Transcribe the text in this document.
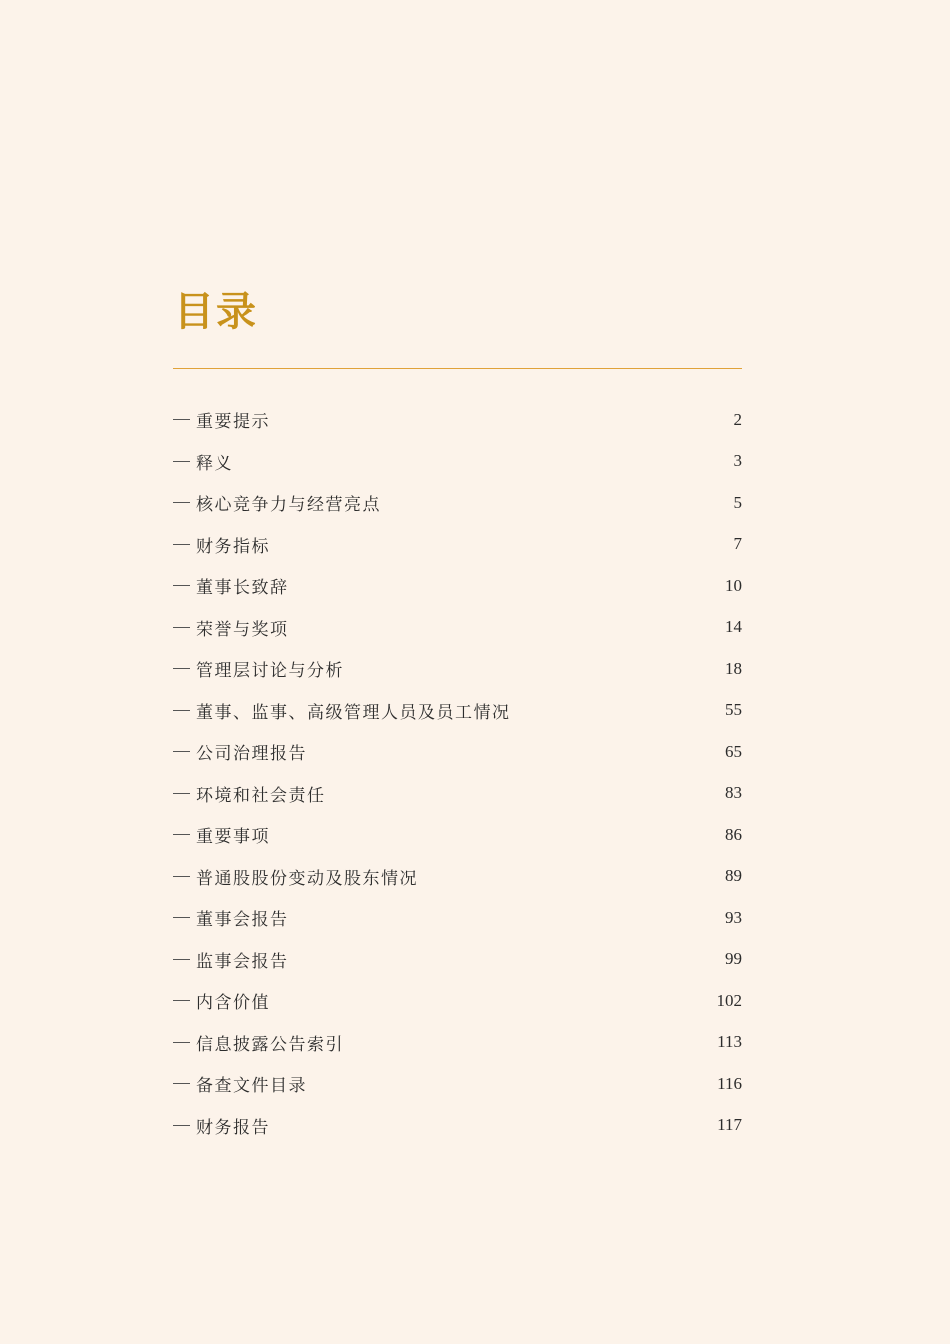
目录
重要提示	2
释义	3
核心竞争力与经营亮点	5
财务指标	7
董事长致辞	10
荣誉与奖项	14
管理层讨论与分析	18
董事、监事、高级管理人员及员工情况	55
公司治理报告	65
环境和社会责任	83
重要事项	86
普通股股份变动及股东情况	89
董事会报告	93
监事会报告	99
内含价值	102
信息披露公告索引	113
备查文件目录	116
财务报告	117
